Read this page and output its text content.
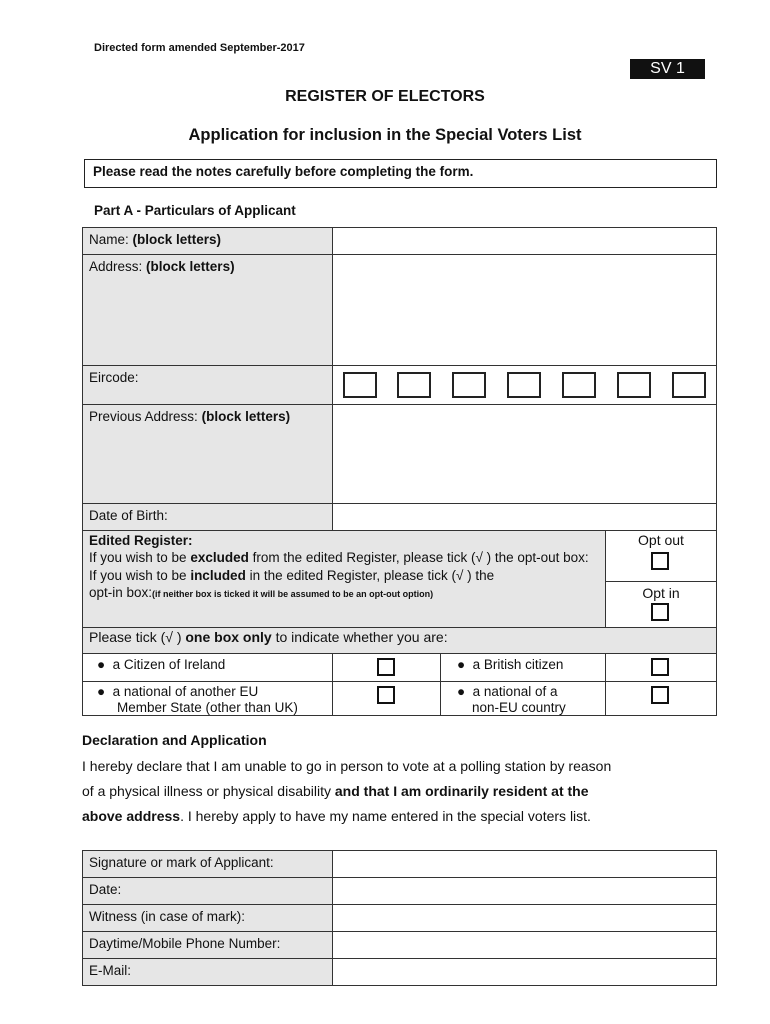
Directed form amended September-2017
SV 1
REGISTER OF ELECTORS
Application for inclusion in the Special Voters List
Please read the notes carefully before completing the form.
Part A - Particulars of Applicant
Name: (block letters)
Address: (block letters)
Eircode:
Previous Address: (block letters)
Date of Birth:
Edited Register:
If you wish to be excluded from the edited Register, please tick (√ ) the opt-out box:
If you wish to be included in the edited Register, please tick (√ ) the
opt-in box:(if neither box is ticked it will be assumed to be an opt-out option)
Opt out
Opt in
Please tick (√ ) one box only to indicate whether you are:
●  a Citizen of Ireland	●  a British citizen
●  a national of another EU
Member State (other than UK)
●  a national of a
non-EU country
Declaration and Application
I hereby declare that I am unable to go in person to vote at a polling station by reason
of a physical illness or physical disability and that I am ordinarily resident at the
above address. I hereby apply to have my name entered in the special voters list.
Signature or mark of Applicant:
Date:
Witness (in case of mark):
Daytime/Mobile Phone Number:
E-Mail:
